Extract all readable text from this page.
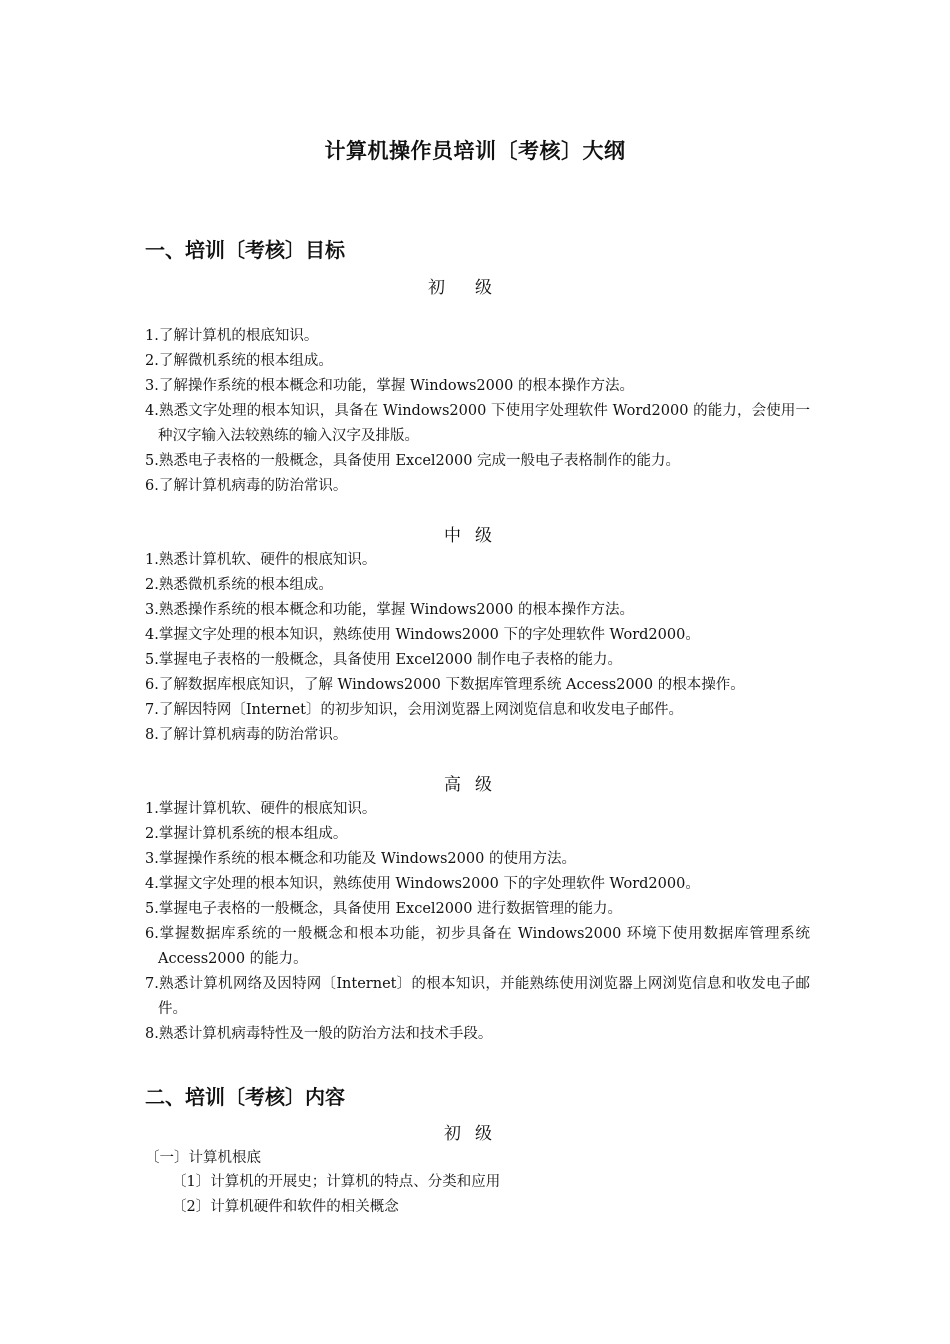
计算机操作员培训〔考核〕大纲
一、培训〔考核〕目标
初级
1.了解计算机的根底知识。
2.了解微机系统的根本组成。
3.了解操作系统的根本概念和功能，掌握 Windows2000 的根本操作方法。
4.熟悉文字处理的根本知识，具备在 Windows2000 下使用字处理软件 Word2000 的能力，会使用一种汉字输入法较熟练的输入汉字及排版。
5.熟悉电子表格的一般概念，具备使用 Excel2000 完成一般电子表格制作的能力。
6.了解计算机病毒的防治常识。
中级
1.熟悉计算机软、硬件的根底知识。
2.熟悉微机系统的根本组成。
3.熟悉操作系统的根本概念和功能，掌握 Windows2000 的根本操作方法。
4.掌握文字处理的根本知识，熟练使用 Windows2000 下的字处理软件 Word2000。
5.掌握电子表格的一般概念，具备使用 Excel2000 制作电子表格的能力。
6.了解数据库根底知识，了解 Windows2000 下数据库管理系统 Access2000 的根本操作。
7.了解因特网〔Internet〕的初步知识，会用浏览器上网浏览信息和收发电子邮件。
8.了解计算机病毒的防治常识。
高级
1.掌握计算机软、硬件的根底知识。
2.掌握计算机系统的根本组成。
3.掌握操作系统的根本概念和功能及 Windows2000 的使用方法。
4.掌握文字处理的根本知识，熟练使用 Windows2000 下的字处理软件 Word2000。
5.掌握电子表格的一般概念，具备使用 Excel2000 进行数据管理的能力。
6.掌握数据库系统的一般概念和根本功能，初步具备在 Windows2000 环境下使用数据库管理系统 Access2000 的能力。
7.熟悉计算机网络及因特网〔Internet〕的根本知识，并能熟练使用浏览器上网浏览信息和收发电子邮件。
8.熟悉计算机病毒特性及一般的防治方法和技术手段。
二、培训〔考核〕内容
初级
〔一〕计算机根底
〔1〕计算机的开展史；计算机的特点、分类和应用
〔2〕计算机硬件和软件的相关概念
